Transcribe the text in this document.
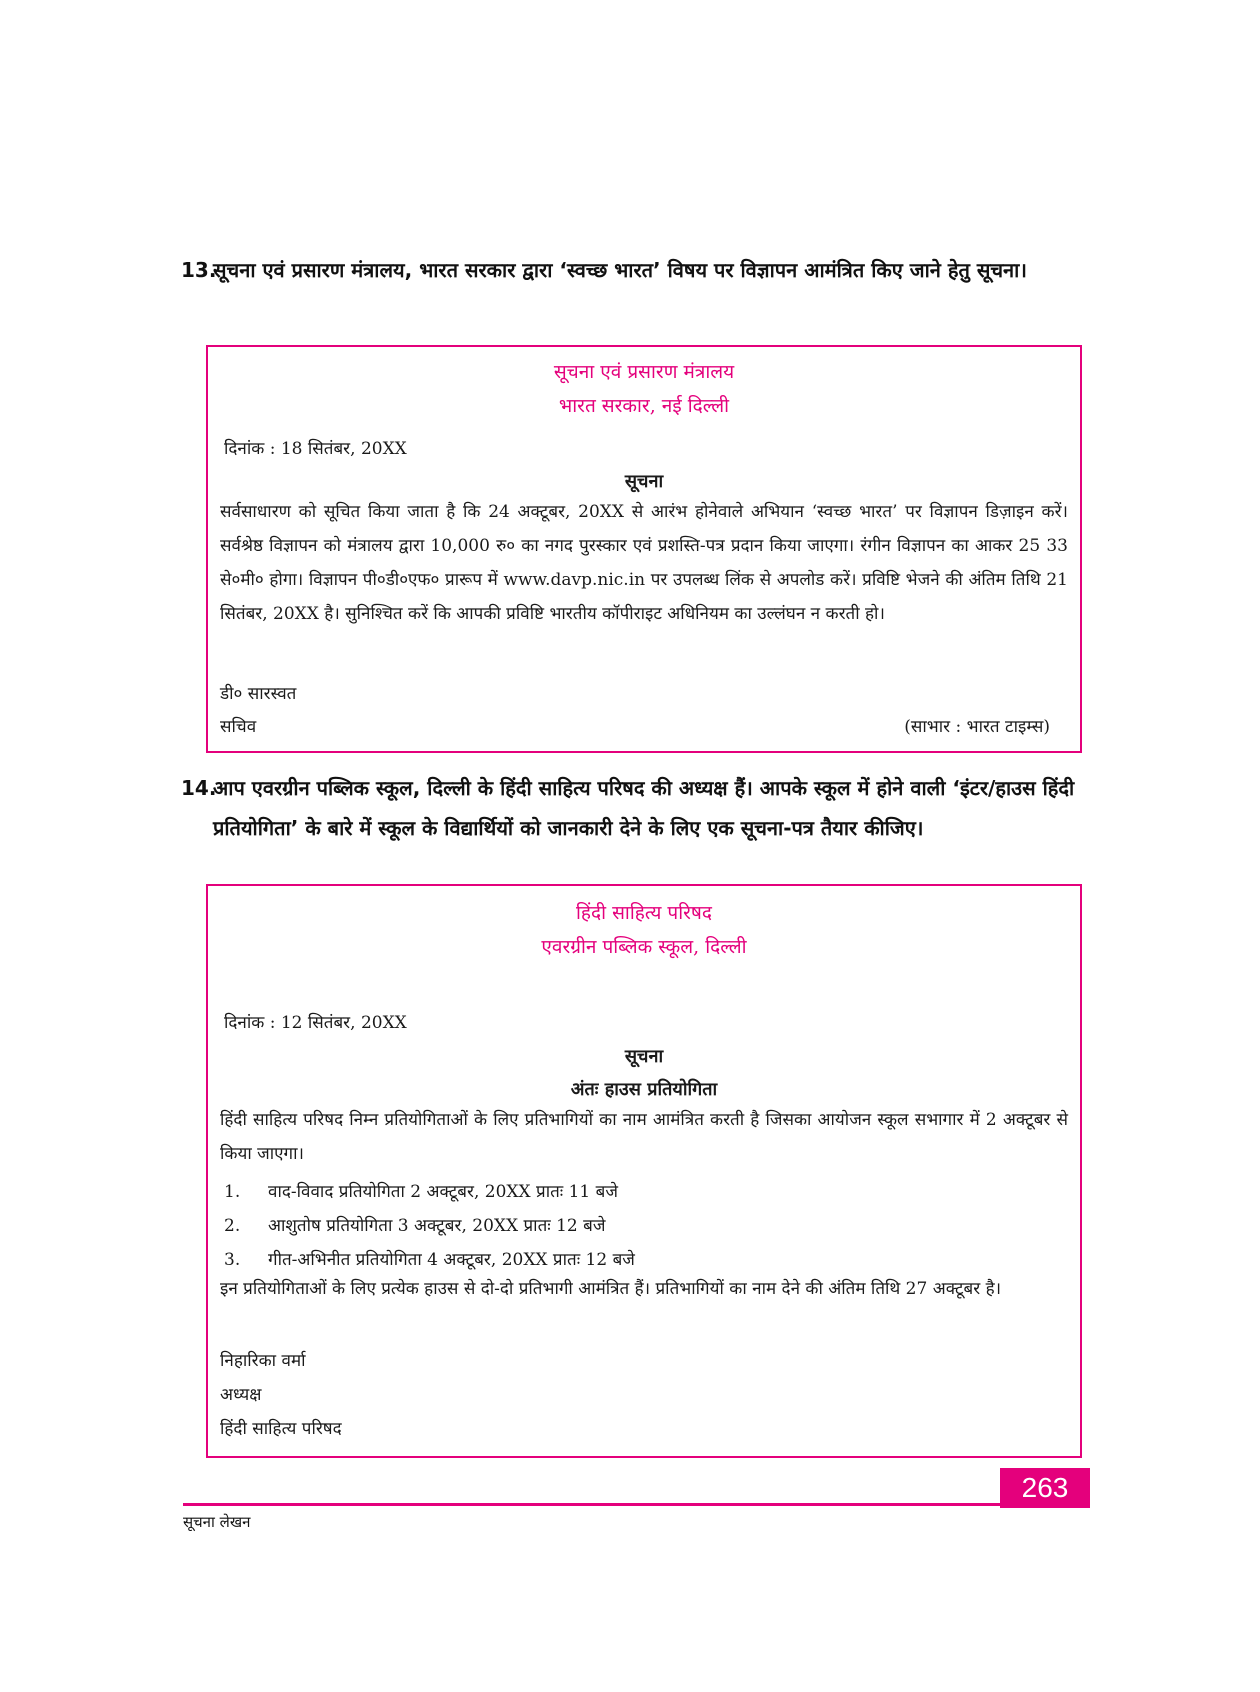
13.
सूचना एवं प्रसारण मंत्रालय, भारत सरकार द्वारा ‘स्वच्छ भारत’ विषय पर विज्ञापन आमंत्रित किए जाने हेतु सूचना।
सूचना एवं प्रसारण मंत्रालय
भारत सरकार, नई दिल्ली
दिनांक : 18 सितंबर, 20XX
सूचना
सर्वसाधारण को सूचित किया जाता है कि 24 अक्टूबर, 20XX से आरंभ होनेवाले अभियान ‘स्वच्छ भारत’ पर विज्ञापन डिज़ाइन करें। सर्वश्रेष्ठ विज्ञापन को मंत्रालय द्वारा 10,000 रु० का नगद पुरस्कार एवं प्रशस्ति-पत्र प्रदान किया जाएगा। रंगीन विज्ञापन का आकर 25 33 से०मी० होगा। विज्ञापन पी०डी०एफ० प्रारूप में www.davp.nic.in पर उपलब्ध लिंक से अपलोड करें। प्रविष्टि भेजने की अंतिम तिथि 21 सितंबर, 20XX है। सुनिश्चित करें कि आपकी प्रविष्टि भारतीय कॉपीराइट अधिनियम का उल्लंघन न करती हो।
डी० सारस्वत
सचिव	(साभार : भारत टाइम्स)
14.
आप एवरग्रीन पब्लिक स्कूल, दिल्ली के हिंदी साहित्य परिषद की अध्यक्ष हैं। आपके स्कूल में होने वाली ‘इंटर/हाउस हिंदी प्रतियोगिता’ के बारे में स्कूल के विद्यार्थियों को जानकारी देने के लिए एक सूचना-पत्र तैयार कीजिए।
हिंदी साहित्य परिषद
एवरग्रीन पब्लिक स्कूल, दिल्ली
दिनांक : 12 सितंबर, 20XX
सूचना
अंतः हाउस प्रतियोगिता
हिंदी साहित्य परिषद निम्न प्रतियोगिताओं के लिए प्रतिभागियों का नाम आमंत्रित करती है जिसका आयोजन स्कूल सभागार में 2 अक्टूबर से किया जाएगा।
1. वाद-विवाद प्रतियोगिता 2 अक्टूबर, 20XX प्रातः 11 बजे
2. आशुतोष प्रतियोगिता 3 अक्टूबर, 20XX प्रातः 12 बजे
3. गीत-अभिनीत प्रतियोगिता 4 अक्टूबर, 20XX प्रातः 12 बजे
इन प्रतियोगिताओं के लिए प्रत्येक हाउस से दो-दो प्रतिभागी आमंत्रित हैं। प्रतिभागियों का नाम देने की अंतिम तिथि 27 अक्टूबर है।
निहारिका वर्मा
अध्यक्ष
हिंदी साहित्य परिषद
सूचना लेखन
263
